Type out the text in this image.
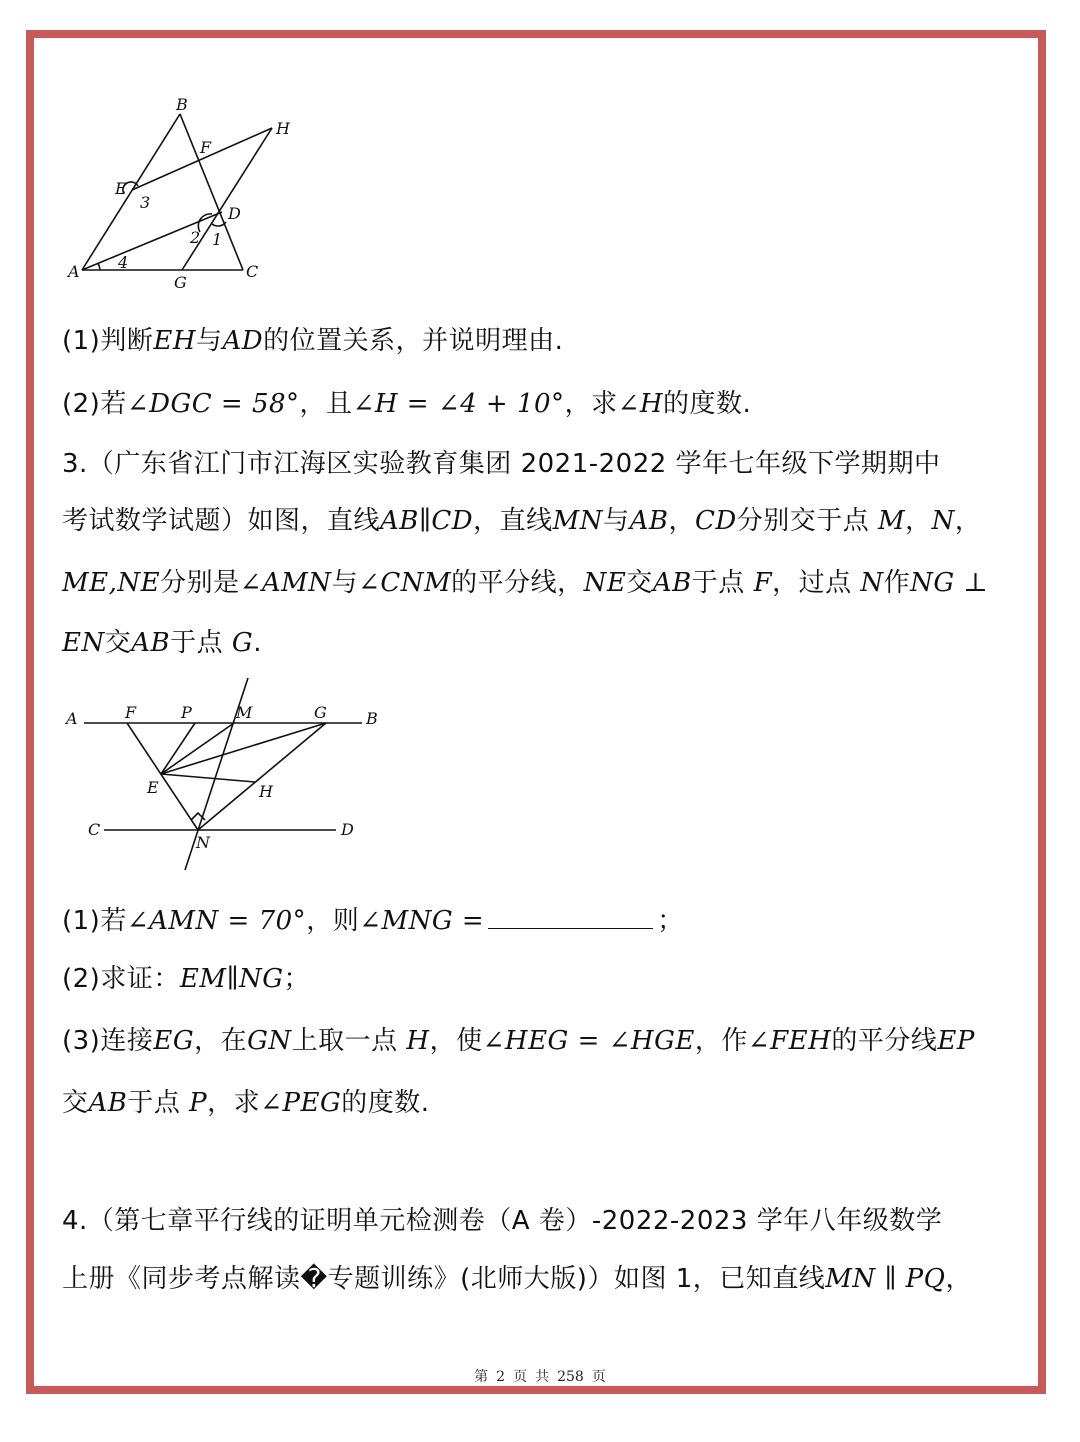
B
H
F
E
3
D
2 1
A 4
G
C
(1)判断EH与AD的位置关系，并说明理由.
(2)若∠DGC = 58°，且∠H = ∠4 + 10°，求∠H的度数.
3.（广东省江门市江海区实验教育集团 2021-2022 学年七年级下学期期中
考试数学试题）如图，直线AB∥CD，直线MN与AB，CD分别交于点 M，N，
ME,NE分别是∠AMN与∠CNM的平分线，NE交AB于点 F，过点 N作NG ⊥
EN交AB于点 G.
A	F	P	M	G B
E	H
C
N
D
(1)若∠AMN = 70°，则∠MNG =	；
(2)求证：EM∥NG；
(3)连接EG，在GN上取一点 H，使∠HEG = ∠HGE，作∠FEH的平分线EP
交AB于点 P，求∠PEG的度数.
4.（第七章平行线的证明单元检测卷（A 卷）-2022-2023 学年八年级数学
上册《同步考点解读�专题训练》(北师大版)）如图 1，已知直线MN ∥ PQ，
第 2 页 共 258 页
